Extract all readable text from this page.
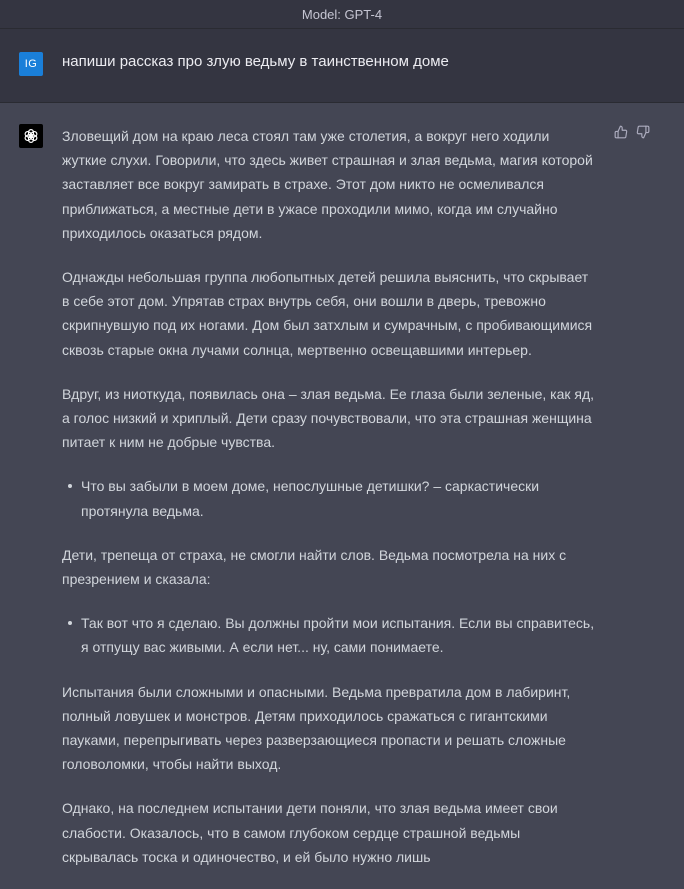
Model: GPT-4
IG	напиши рассказ про злую ведьму в таинственном доме

Зловещий дом на краю леса стоял там уже столетия, а вокруг него ходили жуткие слухи. Говорили, что здесь живет страшная и злая ведьма, магия которой заставляет все вокруг замирать в страхе. Этот дом никто не осмеливался приближаться, а местные дети в ужасе проходили мимо, когда им случайно приходилось оказаться рядом.

Однажды небольшая группа любопытных детей решила выяснить, что скрывает в себе этот дом. Упрятав страх внутрь себя, они вошли в дверь, тревожно скрипнувшую под их ногами. Дом был затхлым и сумрачным, с пробивающимися сквозь старые окна лучами солнца, мертвенно освещавшими интерьер.

Вдруг, из ниоткуда, появилась она – злая ведьма. Ее глаза были зеленые, как яд, а голос низкий и хриплый. Дети сразу почувствовали, что эта страшная женщина питает к ним не добрые чувства.

Что вы забыли в моем доме, непослушные детишки? – саркастически протянула ведьма.

Дети, трепеща от страха, не смогли найти слов. Ведьма посмотрела на них с презрением и сказала:

Так вот что я сделаю. Вы должны пройти мои испытания. Если вы справитесь, я отпущу вас живыми. А если нет... ну, сами понимаете.

Испытания были сложными и опасными. Ведьма превратила дом в лабиринт, полный ловушек и монстров. Детям приходилось сражаться с гигантскими пауками, перепрыгивать через разверзающиеся пропасти и решать сложные головоломки, чтобы найти выход.

Однако, на последнем испытании дети поняли, что злая ведьма имеет свои слабости. Оказалось, что в самом глубоком сердце страшной ведьмы скрывалась тоска и одиночество, и ей было нужно лишь
